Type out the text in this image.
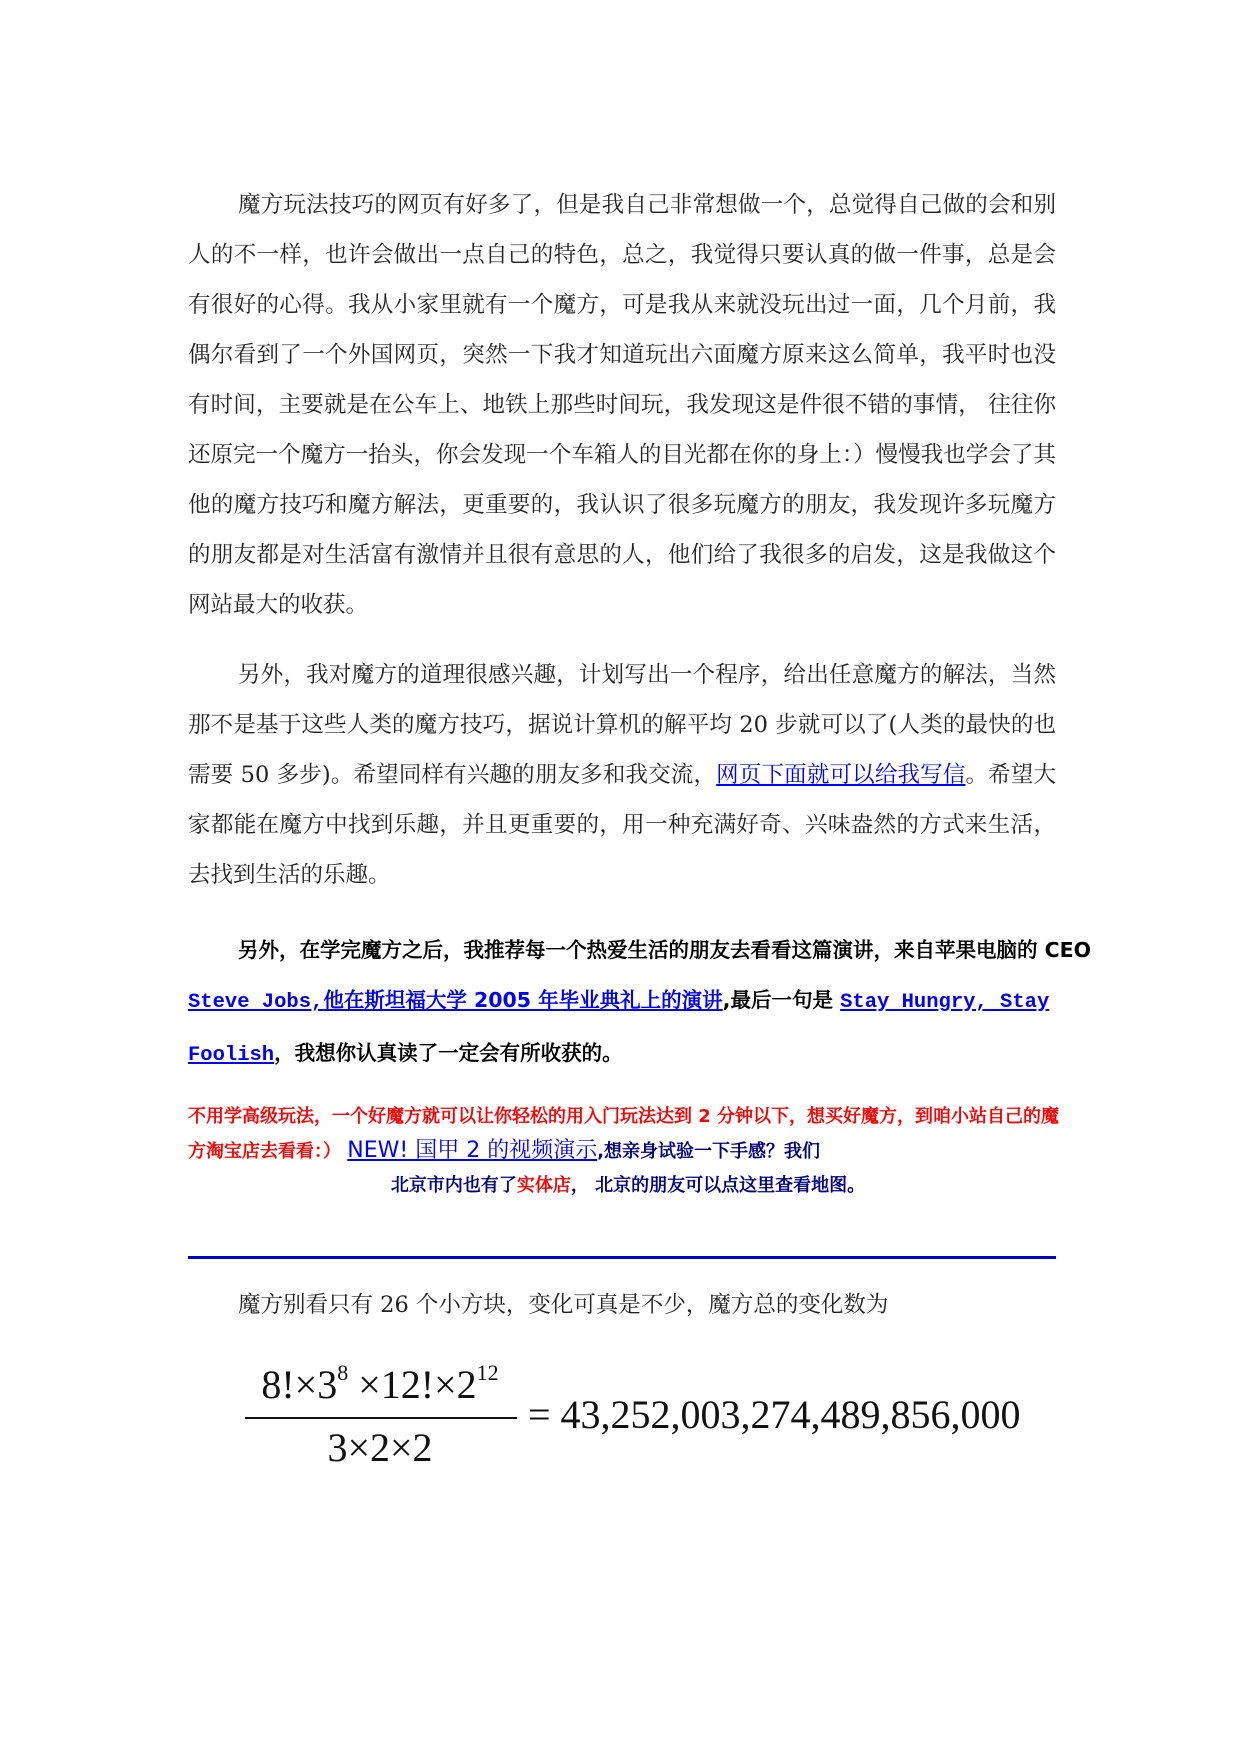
魔方玩法技巧的网页有好多了，但是我自己非常想做一个，总觉得自己做的会和别人的不一样，也许会做出一点自己的特色，总之，我觉得只要认真的做一件事，总是会有很好的心得。我从小家里就有一个魔方，可是我从来就没玩出过一面，几个月前，我偶尔看到了一个外国网页，突然一下我才知道玩出六面魔方原来这么简单，我平时也没有时间，主要就是在公车上、地铁上那些时间玩，我发现这是件很不错的事情， 往往你还原完一个魔方一抬头，你会发现一个车箱人的目光都在你的身上：）慢慢我也学会了其他的魔方技巧和魔方解法，更重要的，我认识了很多玩魔方的朋友，我发现许多玩魔方的朋友都是对生活富有激情并且很有意思的人，他们给了我很多的启发，这是我做这个网站最大的收获。
另外，我对魔方的道理很感兴趣，计划写出一个程序，给出任意魔方的解法，当然那不是基于这些人类的魔方技巧，据说计算机的解平均 20 步就可以了(人类的最快的也需要 50 多步)。希望同样有兴趣的朋友多和我交流，网页下面就可以给我写信。希望大家都能在魔方中找到乐趣，并且更重要的，用一种充满好奇、兴味盎然的方式来生活，去找到生活的乐趣。
另外，在学完魔方之后，我推荐每一个热爱生活的朋友去看看这篇演讲，来自苹果电脑的 CEO Steve Jobs,他在斯坦福大学 2005 年毕业典礼上的演讲,最后一句是 Stay Hungry, Stay Foolish，我想你认真读了一定会有所收获的。
不用学高级玩法，一个好魔方就可以让你轻松的用入门玩法达到 2 分钟以下，想买好魔方，到咱小站自己的魔方淘宝店去看看：） NEW! 国甲 2 的视频演示,想亲身试验一下手感？我们
北京市内也有了实体店， 北京的朋友可以点这里查看地图。
魔方别看只有 26 个小方块，变化可真是不少，魔方总的变化数为
$8!\times 3^8 \times 12!\times 2^{12}$
3×2×2
= 43,252,003,274,489,856,000
